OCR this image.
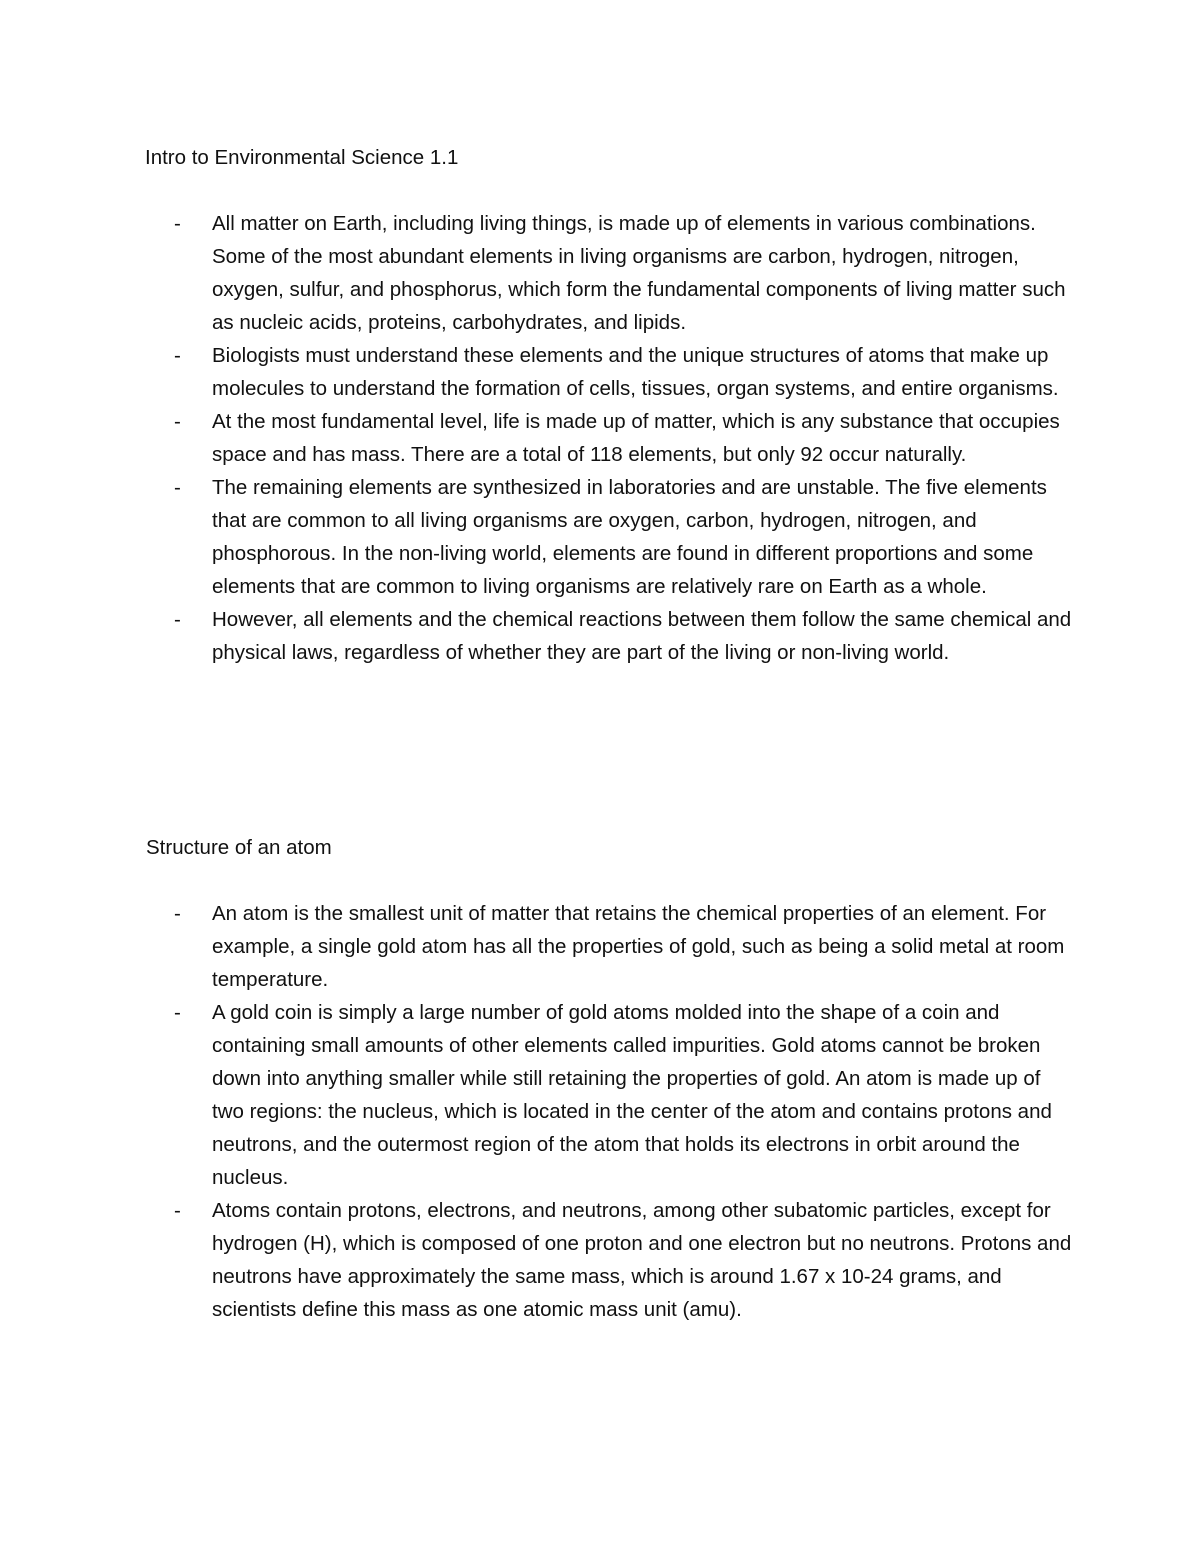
Intro to Environmental Science 1.1
-	All matter on Earth, including living things, is made up of elements in various combinations. Some of the most abundant elements in living organisms are carbon, hydrogen, nitrogen, oxygen, sulfur, and phosphorus, which form the fundamental components of living matter such as nucleic acids, proteins, carbohydrates, and lipids.
-	Biologists must understand these elements and the unique structures of atoms that make up molecules to understand the formation of cells, tissues, organ systems, and entire organisms.
-	At the most fundamental level, life is made up of matter, which is any substance that occupies space and has mass. There are a total of 118 elements, but only 92 occur naturally.
-	The remaining elements are synthesized in laboratories and are unstable. The five elements that are common to all living organisms are oxygen, carbon, hydrogen, nitrogen, and phosphorous. In the non-living world, elements are found in different proportions and some elements that are common to living organisms are relatively rare on Earth as a whole.
-	However, all elements and the chemical reactions between them follow the same chemical and physical laws, regardless of whether they are part of the living or non-living world.
Structure of an atom
-	An atom is the smallest unit of matter that retains the chemical properties of an element. For example, a single gold atom has all the properties of gold, such as being a solid metal at room temperature.
-	A gold coin is simply a large number of gold atoms molded into the shape of a coin and containing small amounts of other elements called impurities. Gold atoms cannot be broken down into anything smaller while still retaining the properties of gold. An atom is made up of two regions: the nucleus, which is located in the center of the atom and contains protons and neutrons, and the outermost region of the atom that holds its electrons in orbit around the nucleus.
-	Atoms contain protons, electrons, and neutrons, among other subatomic particles, except for hydrogen (H), which is composed of one proton and one electron but no neutrons. Protons and neutrons have approximately the same mass, which is around 1.67 x 10-24 grams, and scientists define this mass as one atomic mass unit (amu).
